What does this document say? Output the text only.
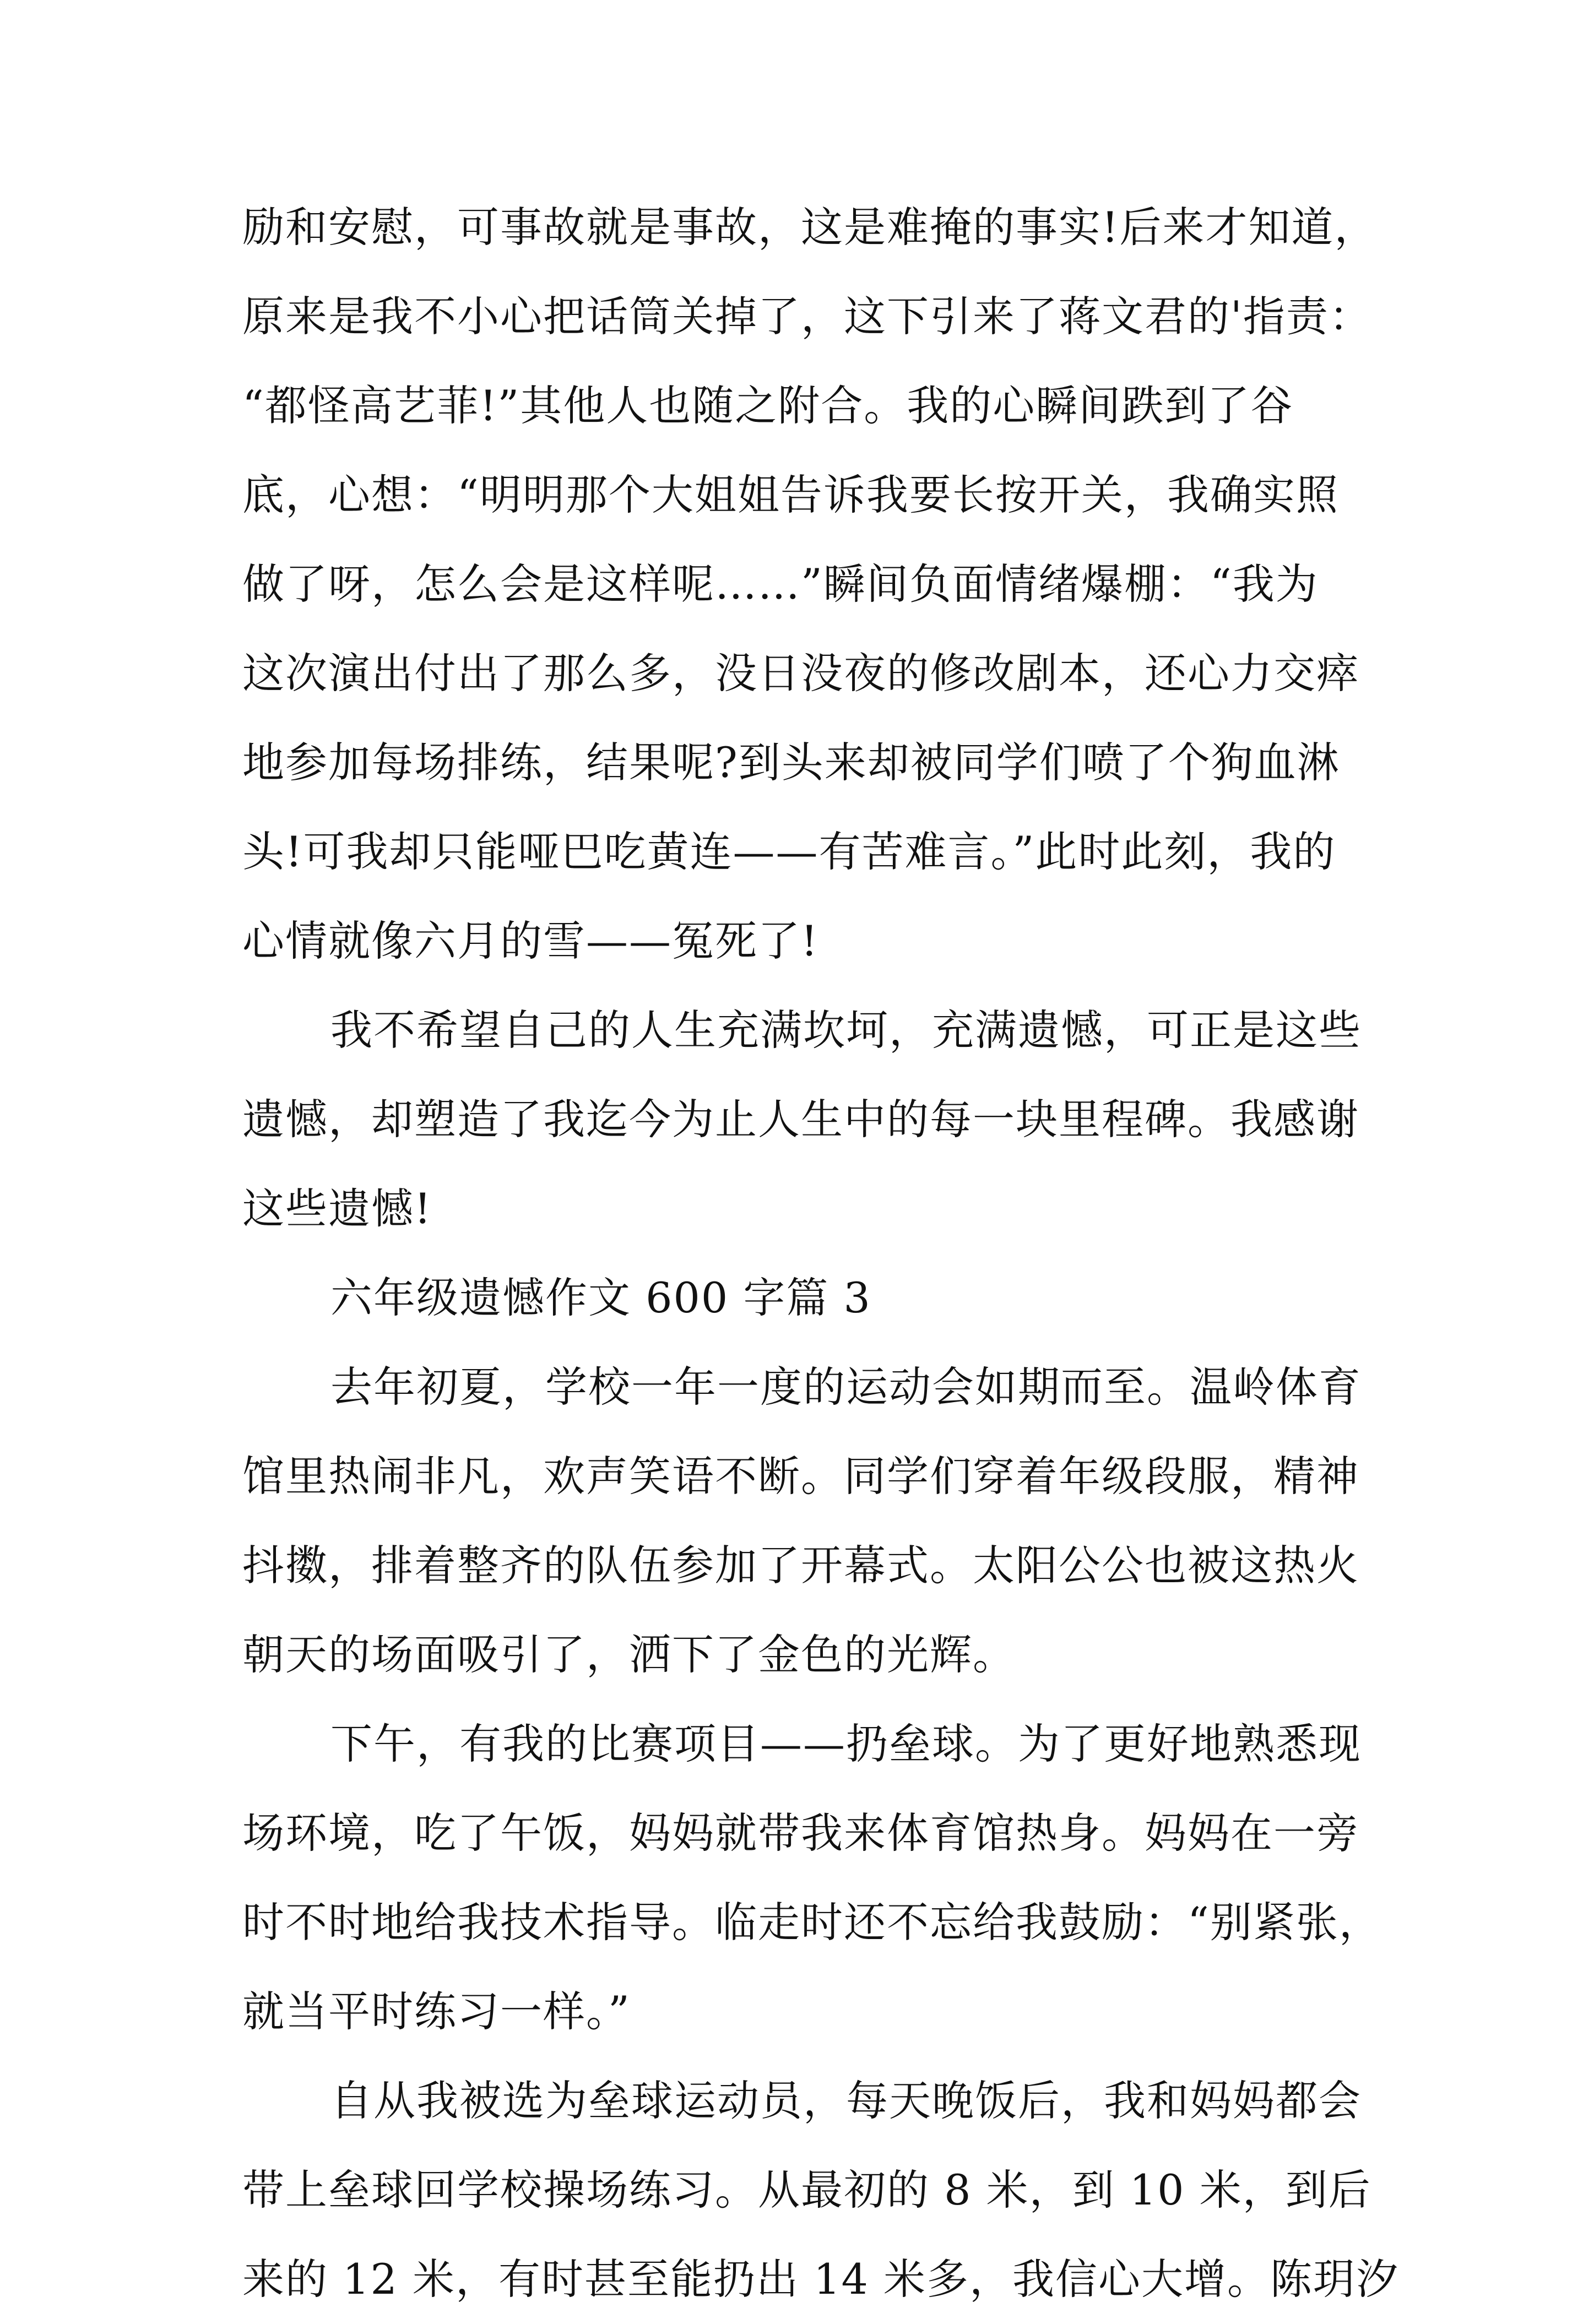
励和安慰，可事故就是事故，这是难掩的事实!后来才知道，
原来是我不小心把话筒关掉了，这下引来了蒋文君的'指责：
“都怪高艺菲!”其他人也随之附合。我的心瞬间跌到了谷
底，心想：“明明那个大姐姐告诉我要长按开关，我确实照
做了呀，怎么会是这样呢……”瞬间负面情绪爆棚：“我为
这次演出付出了那么多，没日没夜的修改剧本，还心力交瘁
地参加每场排练，结果呢?到头来却被同学们喷了个狗血淋
头!可我却只能哑巴吃黄连——有苦难言。”此时此刻，我的
心情就像六月的雪——冤死了!
我不希望自己的人生充满坎坷，充满遗憾，可正是这些
遗憾，却塑造了我迄今为止人生中的每一块里程碑。我感谢
这些遗憾!
六年级遗憾作文 600 字篇 3
去年初夏，学校一年一度的运动会如期而至。温岭体育
馆里热闹非凡，欢声笑语不断。同学们穿着年级段服，精神
抖擞，排着整齐的队伍参加了开幕式。太阳公公也被这热火
朝天的场面吸引了，洒下了金色的光辉。
下午，有我的比赛项目——扔垒球。为了更好地熟悉现
场环境，吃了午饭，妈妈就带我来体育馆热身。妈妈在一旁
时不时地给我技术指导。临走时还不忘给我鼓励：“别紧张，
就当平时练习一样。”
自从我被选为垒球运动员，每天晚饭后，我和妈妈都会
带上垒球回学校操场练习。从最初的 8 米，到 10 米，到后
来的 12 米，有时甚至能扔出 14 米多，我信心大增。陈玥汐
